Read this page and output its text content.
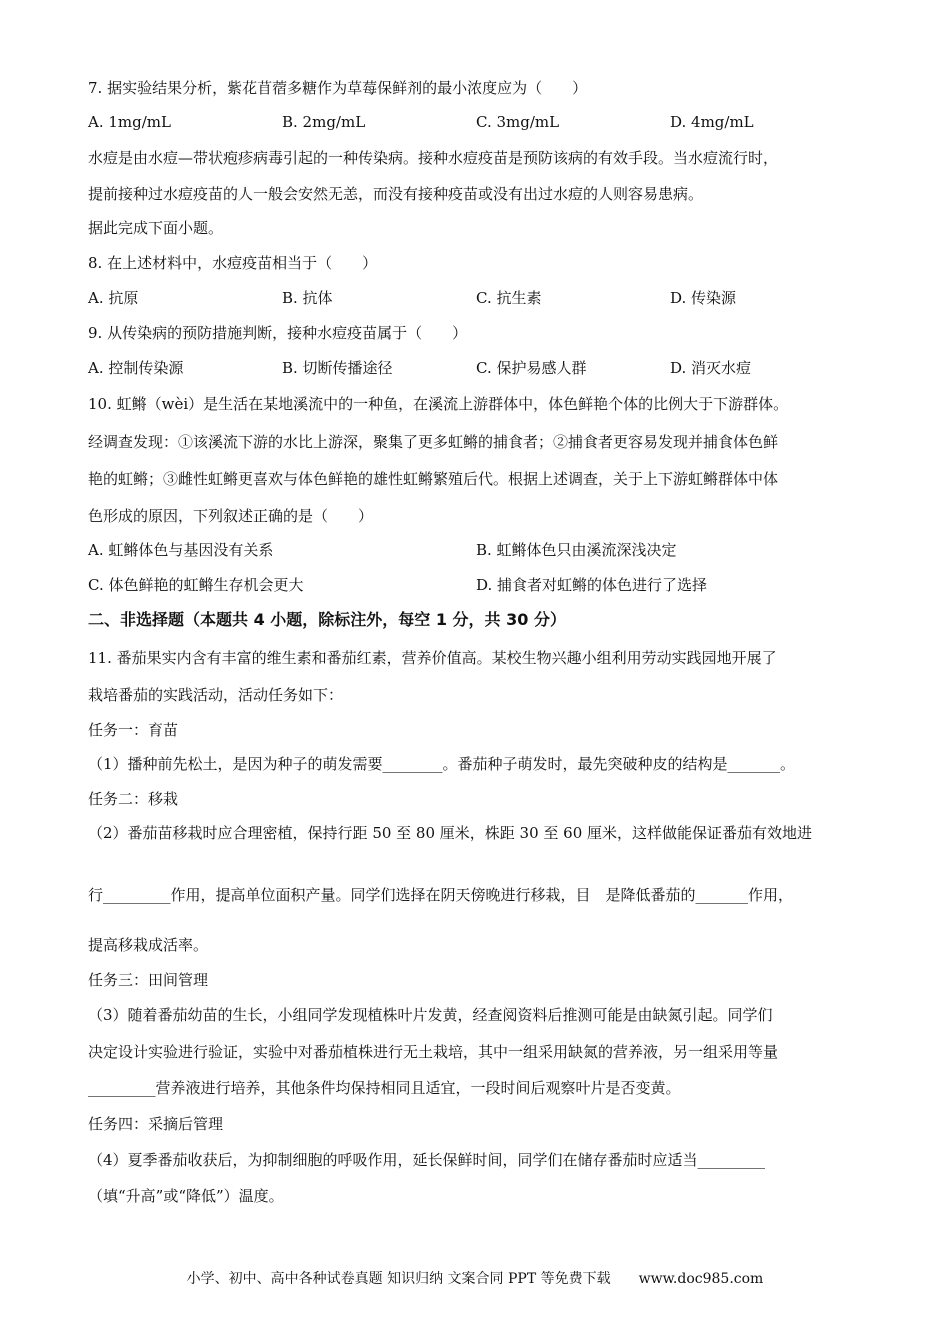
7. 据实验结果分析，紫花苜蓿多糖作为草莓保鲜剂的最小浓度应为（　　）
A. 1mg/mL	B. 2mg/mL	C. 3mg/mL	D. 4mg/mL
水痘是由水痘—带状疱疹病毒引起的一种传染病。接种水痘疫苗是预防该病的有效手段。当水痘流行时，
提前接种过水痘疫苗的人一般会安然无恙，而没有接种疫苗或没有出过水痘的人则容易患病。
据此完成下面小题。
8. 在上述材料中，水痘疫苗相当于（　　）
A. 抗原	B. 抗体	C. 抗生素	D. 传染源
9. 从传染病的预防措施判断，接种水痘疫苗属于（　　）
A. 控制传染源	B. 切断传播途径	C. 保护易感人群	D. 消灭水痘
10. 虹鳉（wèi）是生活在某地溪流中的一种鱼，在溪流上游群体中，体色鲜艳个体的比例大于下游群体。
经调查发现：①该溪流下游的水比上游深，聚集了更多虹鳉的捕食者；②捕食者更容易发现并捕食体色鲜
艳的虹鳉；③雌性虹鳉更喜欢与体色鲜艳的雄性虹鳉繁殖后代。根据上述调查，关于上下游虹鳉群体中体
色形成的原因，下列叙述正确的是（　　）
A. 虹鳉体色与基因没有关系	B. 虹鳉体色只由溪流深浅决定
C. 体色鲜艳的虹鳉生存机会更大	D. 捕食者对虹鳉的体色进行了选择
二、非选择题（本题共 4 小题，除标注外，每空 1 分，共 30 分）
11. 番茄果实内含有丰富的维生素和番茄红素，营养价值高。某校生物兴趣小组利用劳动实践园地开展了
栽培番茄的实践活动，活动任务如下：
任务一：育苗
（1）播种前先松土，是因为种子的萌发需要________。番茄种子萌发时，最先突破种皮的结构是_______。
任务二：移栽
（2）番茄苗移栽时应合理密植，保持行距 50 至 80 厘米，株距 30 至 60 厘米，这样做能保证番茄有效地进
行_________作用，提高单位面积产量。同学们选择在阴天傍晚进行移栽，目　是降低番茄的_______作用，
提高移栽成活率。
任务三：田间管理
（3）随着番茄幼苗的生长，小组同学发现植株叶片发黄，经查阅资料后推测可能是由缺氮引起。同学们
决定设计实验进行验证，实验中对番茄植株进行无土栽培，其中一组采用缺氮的营养液，另一组采用等量
_________营养液进行培养，其他条件均保持相同且适宜，一段时间后观察叶片是否变黄。
任务四：采摘后管理
（4）夏季番茄收获后，为抑制细胞的呼吸作用，延长保鲜时间，同学们在储存番茄时应适当_________
（填“升高”或“降低”）温度。
小学、初中、高中各种试卷真题 知识归纳 文案合同 PPT 等免费下载　　www.doc985.com
